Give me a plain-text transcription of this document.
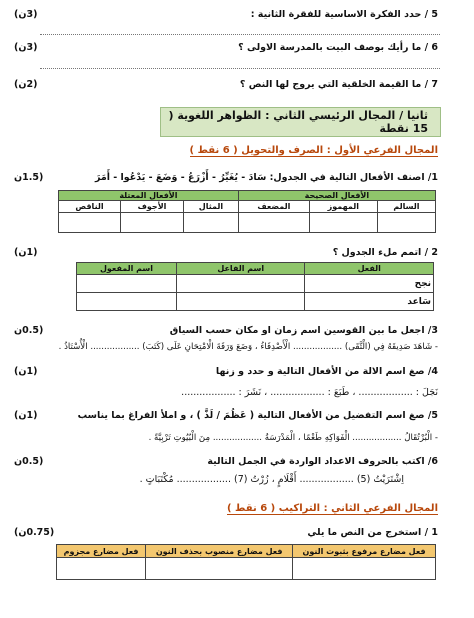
5 / حدد الفكرة الاساسية للفقرة الثانية :
(3ن)
6 / ما رأيك بوصف البيت بالمدرسة الاولى ؟
(3ن)
7 / ما القيمة الخلقية التي يروج لها النص ؟
(2ن)
ثانيا / المجال الرئيسي الثاني : الظواهر اللغوية ( 15 نقطة
المجال الفرعي الأول : الصرف والتحويل ( 6 نقط )
1/ اصنف الأفعال التالية في الجدول: سَادَ - يُغَيِّرُ - أَزْرَعُ - وَضَعَ - يَدْعُوا - أَمَرَ
(1.5ن
الأفعال الصحيحة			الأفعال المعتلة		
السالم	المهموز	المضعف	المثال	الأجوف	الناقص

2 / اتمم ملء الجدول ؟
(1ن)
الفعل	اسم الفاعل	اسم المفعول
نجح		
سَاعد		
3/ اجعل ما بين القوسين اسم زمان او مكان حسب السياق
(0.5ن
- شَاهَدَ صَدِيقَهُ فِي (الْتَّقَى) .................. الْأَصْدِقَاءُ ، وَضَعَ وَرَقَةَ الْامْتِحَانِ عَلَى (كَتَبَ) .................. الْأُسْتَاذُ .
4/ صغ اسم الالة من الأفعال التالية و حدد و زنها
(1ن)
نَجَلَ : .................. ، طَبَعَ : .................. ، نَشَرَ : ..................
5/ صغ اسم التفضيل من الأفعال التالية ( عَظُمَ / لَذَّ ) ، و املأ الفراغ بما يناسب
(1ن)
- الْبُرْتُقَالُ .................. الْفَوَاكِهِ طَعْمًا ، الْمَدْرَسَةُ .................. مِنَ الْبُيُوتِ تَرْبِيَّةً .
6/ اكتب بالحروف الاعداد الواردة في الجمل التالية
(0.5ن
اِشْتَرَيْتُ (5) .................. أَقْلَامٍ ، زُرْتُ (7) .................. مُكْتَبَاتٍ .
المجال الفرعي الثاني : التراكيب ( 6 نقط )
1 / استخرج من النص ما يلي
(0.75ن)
فعل مضارع مرفوع بثبوت النون	فعل مضارع منصوب بحذف النون	فعل مضارع مجزوم
